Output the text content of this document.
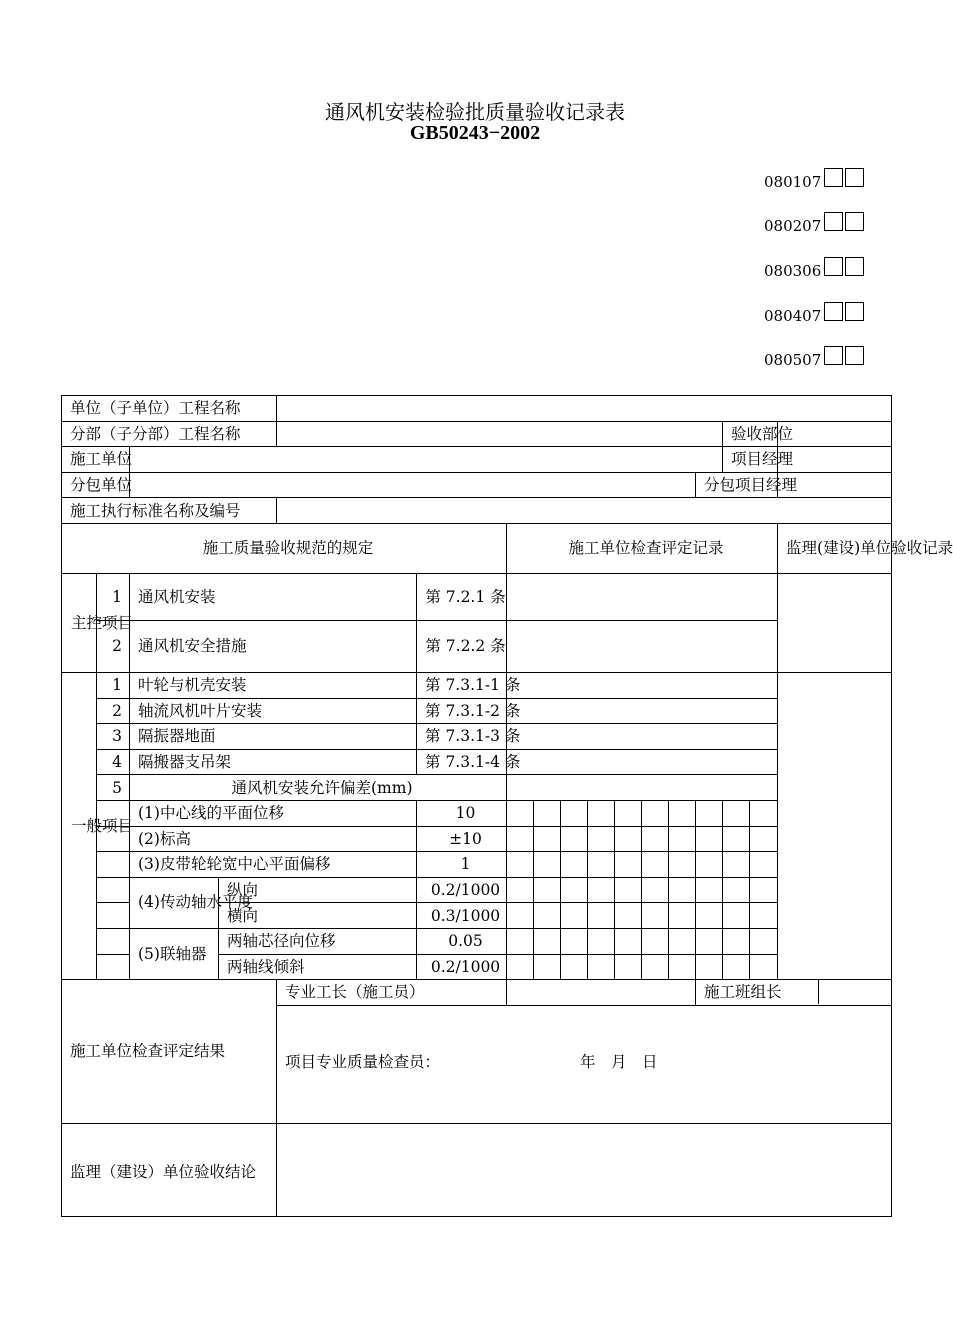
通风机安装检验批质量验收记录表
GB50243−2002
080107
080207
080306
080407
080507
单位（子单位）工程名称																
分部（子分部）工程名称														验收部位		
施工单位														项目经理		
分包单位													分包项目经理			
施工执行标准名称及编号																
施工质量验收规范的规定						施工单位检查评定记录										监理(建设)单位验收记录
主控项目	1	通风机安装			第 7.2.1 条											
	2	通风机安全措施			第 7.2.2 条											
一般项目	1	叶轮与机壳安装			第 7.3.1-1 条											
	2	轴流风机叶片安装			第 7.3.1-2 条											
	3	隔振器地面			第 7.3.1-3 条											
	4	隔搬器支吊架			第 7.3.1-4 条											
	5	通风机安装允许偏差(mm)														
		(1)中心线的平面位移			10											
		(2)标高			±10											
		(3)皮带轮轮宽中心平面偏移			1											
		(4)传动轴水平度	纵向		0.2/1000											
			横向		0.3/1000											
		(5)联轴器	两轴芯径向位移		0.05											
			两轴线倾斜		0.2/1000											
施工单位检查评定结果				专业工长（施工员）									施工班组长			

				项目专业质量检查员： 年　月　日												
监理（建设）单位验收结论																
